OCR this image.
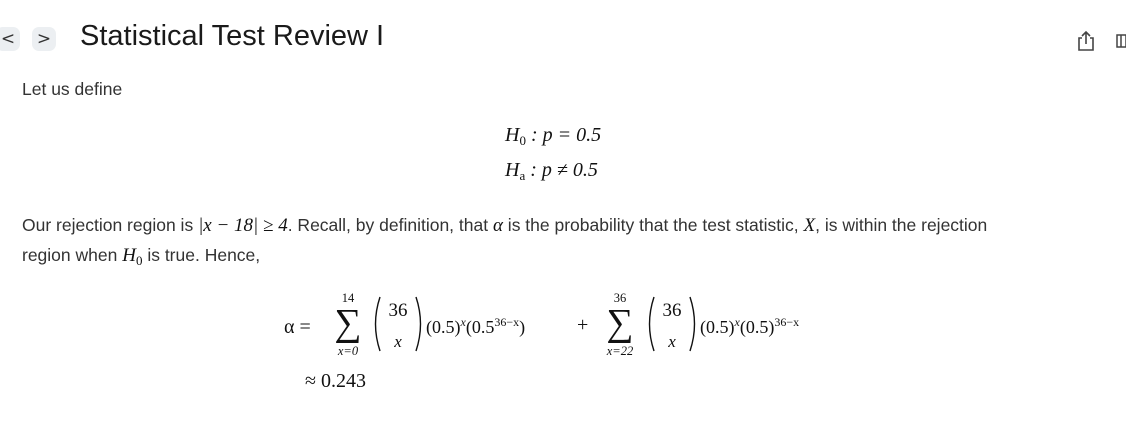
< > Statistical Test Review I
Let us define
$H_0$ : p = 0.5
$H_a$ : p ≠ 0.5
Our rejection region is |x − 18| ≥ 4. Recall, by definition, that α is the probability that the test statistic, X, is within the rejection
region when $H_0$ is true. Hence,
α =
14
∑
x=0
36
x
$(0.5)^x(0.5^{36-x})$	+
36
∑
x=22
36
x
$(0.5)^x(0.5)^{36-x}$
≈ 0.243
